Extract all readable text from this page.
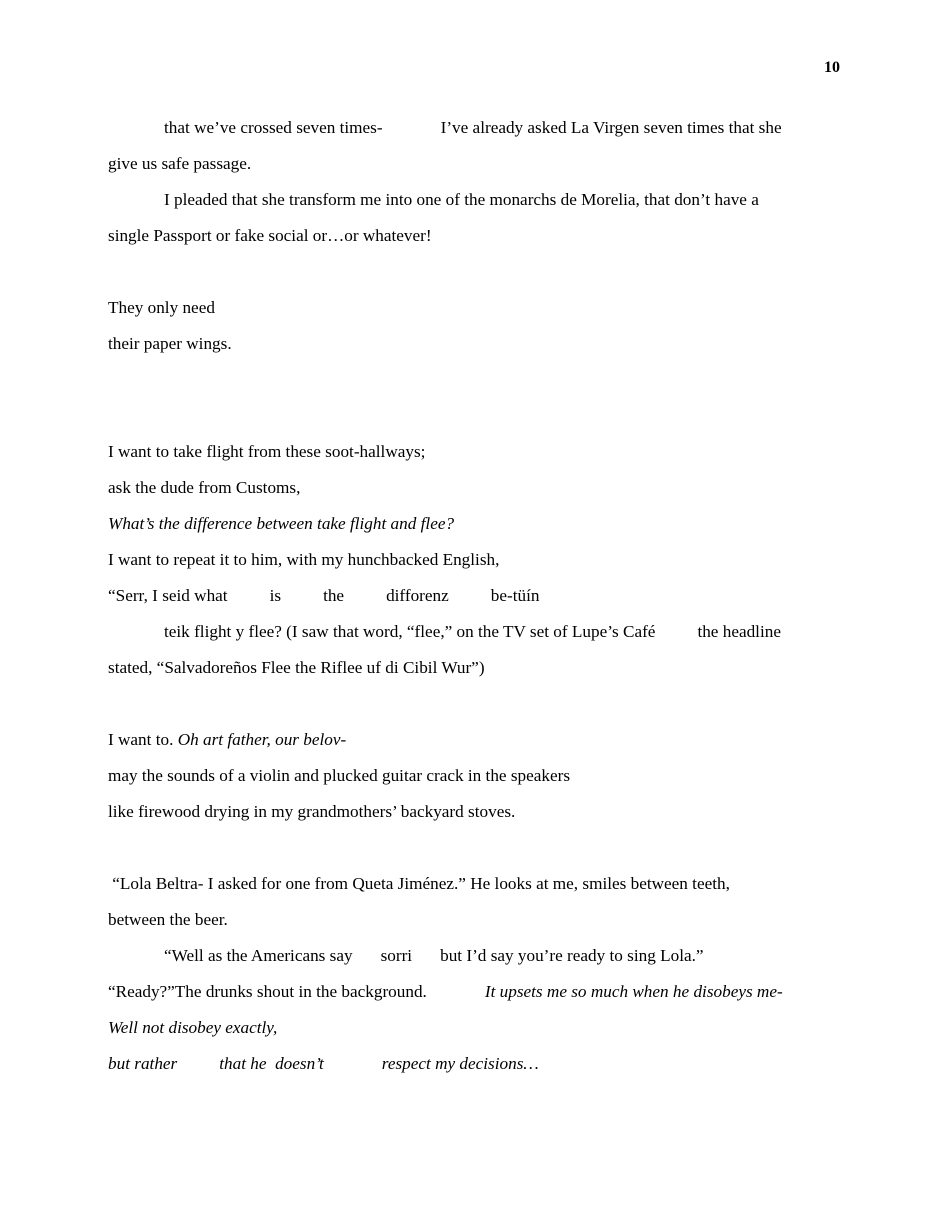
10
that we’ve crossed seven times-	I’ve already asked La Virgen seven times that she
give us safe passage.
I pleaded that she transform me into one of the monarchs de Morelia, that don’t have a
single Passport or fake social or…or whatever!
They only need
their paper wings.
I want to take flight from these soot-hallways;
ask the dude from Customs,
What’s the difference between take flight and flee?
I want to repeat it to him, with my hunchbacked English,
“Serr, I seid what is the difforenz be-tüín
teik flight y flee? (I saw that word, “flee,” on the TV set of Lupe’s Café the headline
stated, “Salvadoreños Flee the Riflee uf di Cibil Wur”)
I want to. Oh art father, our belov-
may the sounds of a violin and plucked guitar crack in the speakers
like firewood drying in my grandmothers’ backyard stoves.
“Lola Beltra- I asked for one from Queta Jiménez.” He looks at me, smiles between teeth,
between the beer.
“Well as the Americans say sorri but I’d say you’re ready to sing Lola.”
“Ready?”The drunks shout in the background.	It upsets me so much when he disobeys me-
Well not disobey exactly,
but rather that he  doesn’t	respect my decisions…
